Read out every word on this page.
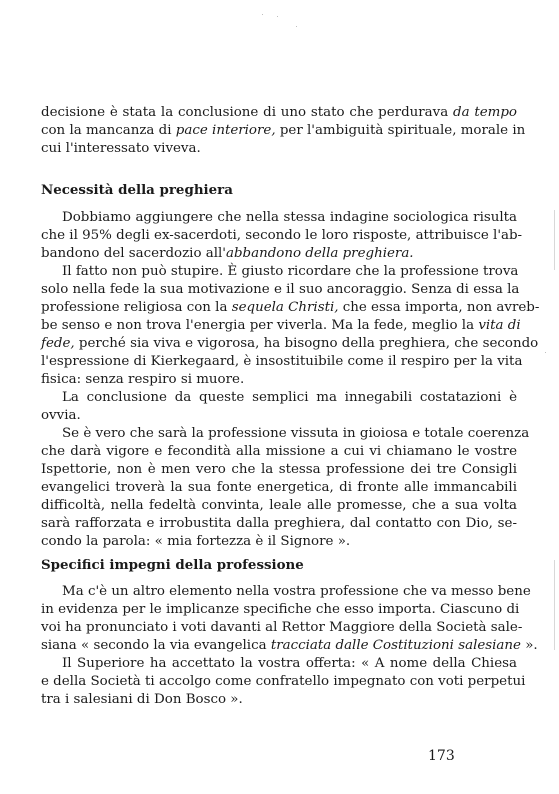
decisione è stata la conclusione di uno stato che perdurava da tempo
con la mancanza di pace interiore, per l'ambiguità spirituale, morale in
cui l'interessato viveva.
Necessità della preghiera
Dobbiamo aggiungere che nella stessa indagine sociologica risulta
che il 95% degli ex-sacerdoti, secondo le loro risposte, attribuisce l'ab-
bandono del sacerdozio all'abbandono della preghiera.
Il fatto non può stupire. È giusto ricordare che la professione trova
solo nella fede la sua motivazione e il suo ancoraggio. Senza di essa la
professione religiosa con la sequela Christi, che essa importa, non avreb-
be senso e non trova l'energia per viverla. Ma la fede, meglio la vita di
fede, perché sia viva e vigorosa, ha bisogno della preghiera, che secondo
l'espressione di Kierkegaard, è insostituibile come il respiro per la vita
fisica: senza respiro si muore.
La conclusione da queste semplici ma innegabili costatazioni è
ovvia.
Se è vero che sarà la professione vissuta in gioiosa e totale coerenza
che darà vigore e fecondità alla missione a cui vi chiamano le vostre
Ispettorie, non è men vero che la stessa professione dei tre Consigli
evangelici troverà la sua fonte energetica, di fronte alle immancabili
difficoltà, nella fedeltà convinta, leale alle promesse, che a sua volta
sarà rafforzata e irrobustita dalla preghiera, dal contatto con Dio, se-
condo la parola: « mia fortezza è il Signore ».
Specifici impegni della professione
Ma c'è un altro elemento nella vostra professione che va messo bene
in evidenza per le implicanze specifiche che esso importa. Ciascuno di
voi ha pronunciato i voti davanti al Rettor Maggiore della Società sale-
siana « secondo la via evangelica tracciata dalle Costituzioni salesiane ».
Il Superiore ha accettato la vostra offerta: « A nome della Chiesa
e della Società ti accolgo come confratello impegnato con voti perpetui
tra i salesiani di Don Bosco ».
173
